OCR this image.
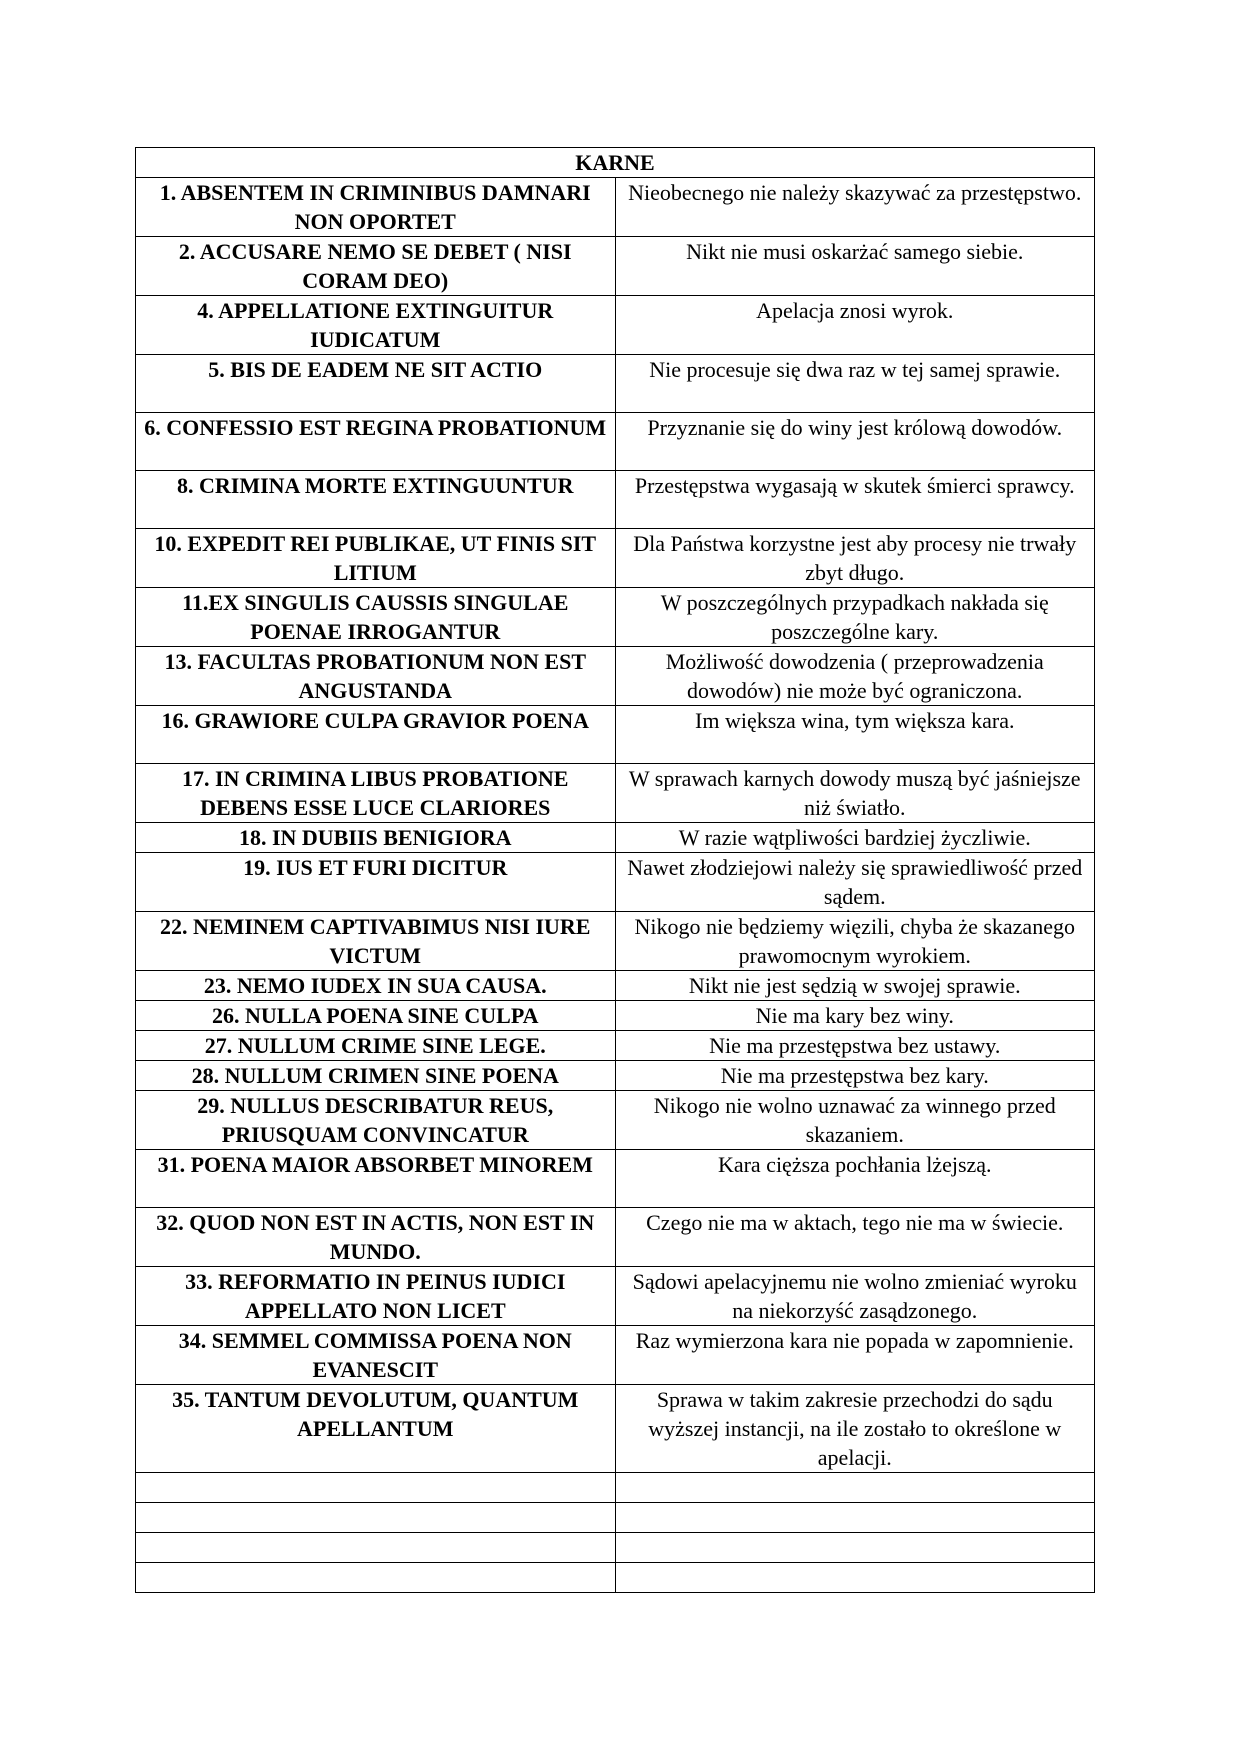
KARNE	
1. ABSENTEM IN CRIMINIBUS DAMNARI NON OPORTET	Nieobecnego nie należy skazywać za przestępstwo.
2. ACCUSARE NEMO SE DEBET ( NISI CORAM DEO)	Nikt nie musi oskarżać samego siebie.
4. APPELLATIONE EXTINGUITUR IUDICATUM	Apelacja znosi wyrok.
5. BIS DE EADEM NE SIT ACTIO	Nie procesuje się dwa raz w tej samej sprawie.
6. CONFESSIO EST REGINA PROBATIONUM	Przyznanie się do winy jest królową dowodów.
8. CRIMINA MORTE EXTINGUUNTUR	Przestępstwa wygasają w skutek śmierci sprawcy.
10. EXPEDIT REI PUBLIKAE, UT FINIS SIT LITIUM	Dla Państwa korzystne jest aby procesy nie trwały zbyt długo.
11.EX SINGULIS CAUSSIS SINGULAE POENAE IRROGANTUR	W poszczególnych przypadkach nakłada się poszczególne kary.
13. FACULTAS PROBATIONUM NON EST ANGUSTANDA	Możliwość dowodzenia ( przeprowadzenia dowodów) nie może być ograniczona.
16. GRAWIORE CULPA GRAVIOR POENA	Im większa wina, tym większa kara.
17. IN CRIMINA LIBUS PROBATIONE DEBENS ESSE LUCE CLARIORES	W sprawach karnych dowody muszą być jaśniejsze niż światło.
18. IN DUBIIS BENIGIORA	W razie wątpliwości bardziej życzliwie.
19. IUS ET FURI DICITUR	Nawet złodziejowi należy się sprawiedliwość przed sądem.
22. NEMINEM CAPTIVABIMUS NISI IURE VICTUM	Nikogo nie będziemy więzili, chyba że skazanego prawomocnym wyrokiem.
23. NEMO IUDEX IN SUA CAUSA.	Nikt nie jest sędzią w swojej sprawie.
26. NULLA POENA SINE CULPA	Nie ma kary bez winy.
27. NULLUM CRIME SINE LEGE.	Nie ma przestępstwa bez ustawy.
28. NULLUM CRIMEN SINE POENA	Nie ma przestępstwa bez kary.
29. NULLUS DESCRIBATUR REUS, PRIUSQUAM CONVINCATUR	Nikogo nie wolno uznawać za winnego przed skazaniem.
31. POENA MAIOR ABSORBET MINOREM	Kara cięższa pochłania lżejszą.
32. QUOD NON EST IN ACTIS, NON EST IN MUNDO.	Czego nie ma w aktach, tego nie ma w świecie.
33. REFORMATIO IN PEINUS IUDICI APPELLATO NON LICET	Sądowi apelacyjnemu nie wolno zmieniać wyroku na niekorzyść zasądzonego.
34. SEMMEL COMMISSA POENA NON EVANESCIT	Raz wymierzona kara nie popada w zapomnienie.
35. TANTUM DEVOLUTUM, QUANTUM APELLANTUM	Sprawa w takim zakresie przechodzi do sądu wyższej instancji, na ile zostało to określone w apelacji.
